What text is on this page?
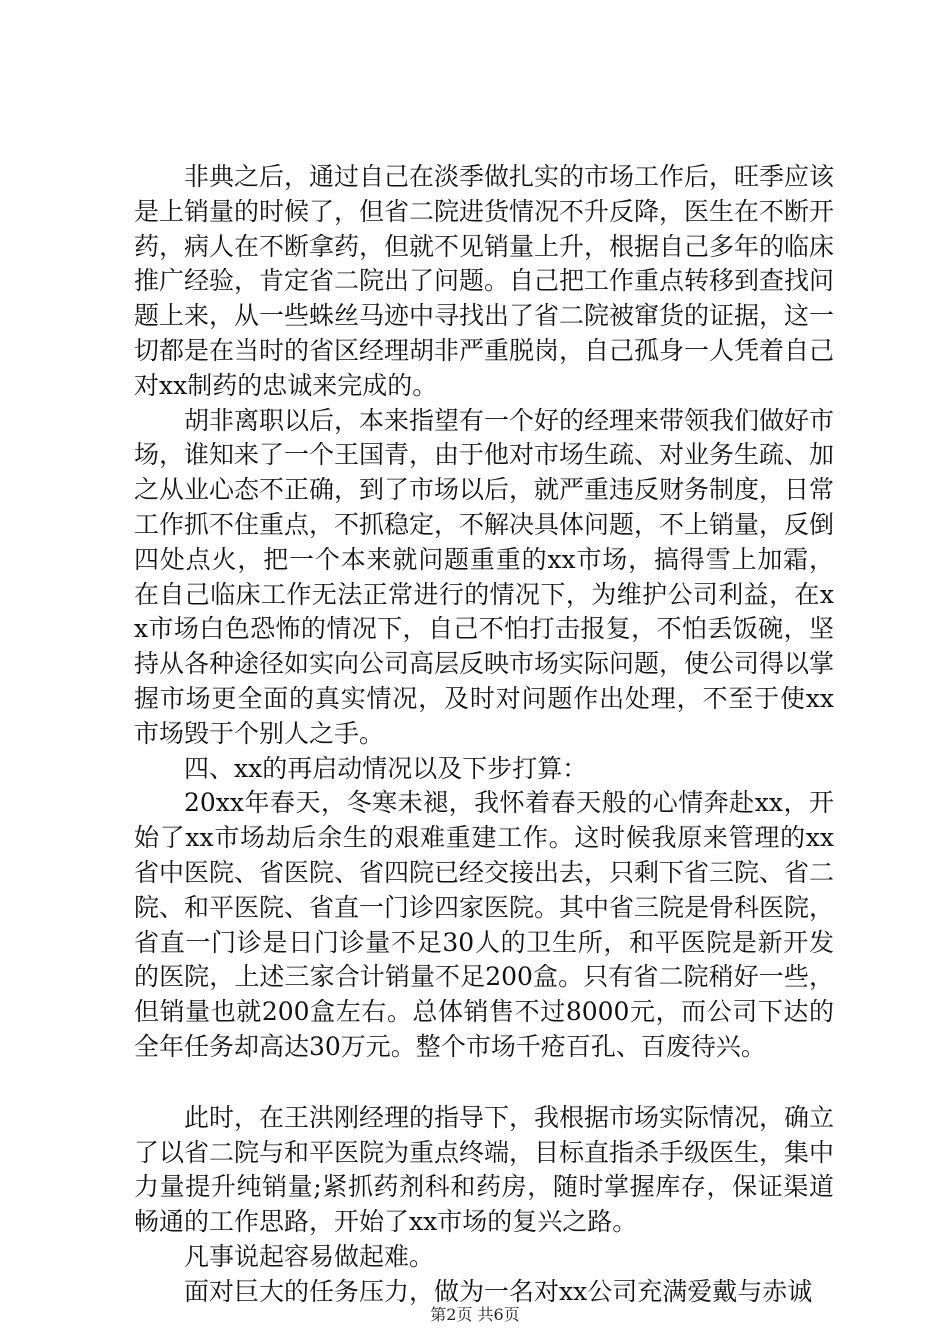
非典之后，通过自己在淡季做扎实的市场工作后，旺季应该是上销量的时候了，但省二院进货情况不升反降，医生在不断开药，病人在不断拿药，但就不见销量上升，根据自己多年的临床推广经验，肯定省二院出了问题。自己把工作重点转移到查找问题上来，从一些蛛丝马迹中寻找出了省二院被窜货的证据，这一切都是在当时的省区经理胡非严重脱岗，自己孤身一人凭着自己对xx制药的忠诚来完成的。

胡非离职以后，本来指望有一个好的经理来带领我们做好市场，谁知来了一个王国青，由于他对市场生疏、对业务生疏、加之从业心态不正确，到了市场以后，就严重违反财务制度，日常工作抓不住重点，不抓稳定，不解决具体问题，不上销量，反倒四处点火，把一个本来就问题重重的xx市场，搞得雪上加霜，在自己临床工作无法正常进行的情况下，为维护公司利益，在xx市场白色恐怖的情况下，自己不怕打击报复，不怕丢饭碗，坚持从各种途径如实向公司高层反映市场实际问题，使公司得以掌握市场更全面的真实情况，及时对问题作出处理，不至于使xx市场毁于个别人之手。

四、xx的再启动情况以及下步打算：

20xx年春天，冬寒未褪，我怀着春天般的心情奔赴xx，开始了xx市场劫后余生的艰难重建工作。这时候我原来管理的xx省中医院、省医院、省四院已经交接出去，只剩下省三院、省二院、和平医院、省直一门诊四家医院。其中省三院是骨科医院，省直一门诊是日门诊量不足30人的卫生所，和平医院是新开发的医院，上述三家合计销量不足200盒。只有省二院稍好一些，但销量也就200盒左右。总体销售不过8000元，而公司下达的全年任务却高达30万元。整个市场千疮百孔、百废待兴。

此时，在王洪刚经理的指导下，我根据市场实际情况，确立了以省二院与和平医院为重点终端，目标直指杀手级医生，集中力量提升纯销量;紧抓药剂科和药房，随时掌握库存，保证渠道畅通的工作思路，开始了xx市场的复兴之路。

凡事说起容易做起难。

面对巨大的任务压力，做为一名对xx公司充满爱戴与赤诚

第2页 共6页
